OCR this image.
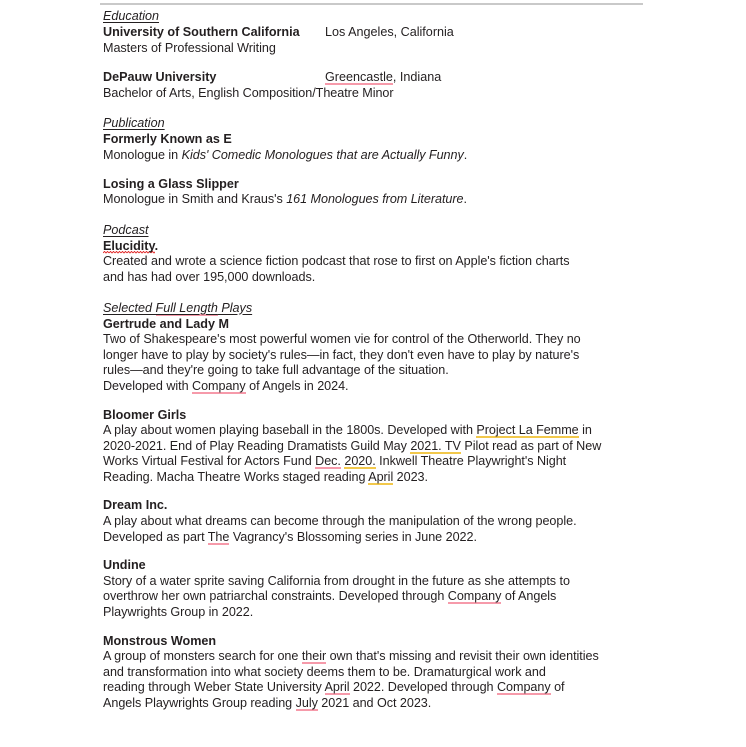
Education
University of Southern California	Los Angeles, California
Masters of Professional Writing
DePauw University	Greencastle, Indiana
Bachelor of Arts, English Composition/Theatre Minor
Publication
Formerly Known as E
Monologue in Kids' Comedic Monologues that are Actually Funny.
Losing a Glass Slipper
Monologue in Smith and Kraus's 161 Monologues from Literature.
Podcast
Elucidity.
Created and wrote a science fiction podcast that rose to first on Apple's fiction charts
and has had over 195,000 downloads.
Selected Full Length Plays
Gertrude and Lady M
Two of Shakespeare's most powerful women vie for control of the Otherworld. They no
longer have to play by society's rules—in fact, they don't even have to play by nature's
rules—and they're going to take full advantage of the situation.
Developed with Company of Angels in 2024.
Bloomer Girls
A play about women playing baseball in the 1800s. Developed with Project La Femme in
2020-2021. End of Play Reading Dramatists Guild May 2021. TV Pilot read as part of New
Works Virtual Festival for Actors Fund Dec. 2020. Inkwell Theatre Playwright's Night
Reading. Macha Theatre Works staged reading April 2023.
Dream Inc.
A play about what dreams can become through the manipulation of the wrong people.
Developed as part The Vagrancy's Blossoming series in June 2022.
Undine
Story of a water sprite saving California from drought in the future as she attempts to
overthrow her own patriarchal constraints. Developed through Company of Angels
Playwrights Group in 2022.
Monstrous Women
A group of monsters search for one their own that's missing and revisit their own identities
and transformation into what society deems them to be. Dramaturgical work and
reading through Weber State University April 2022. Developed through Company of
Angels Playwrights Group reading July 2021 and Oct 2023.
